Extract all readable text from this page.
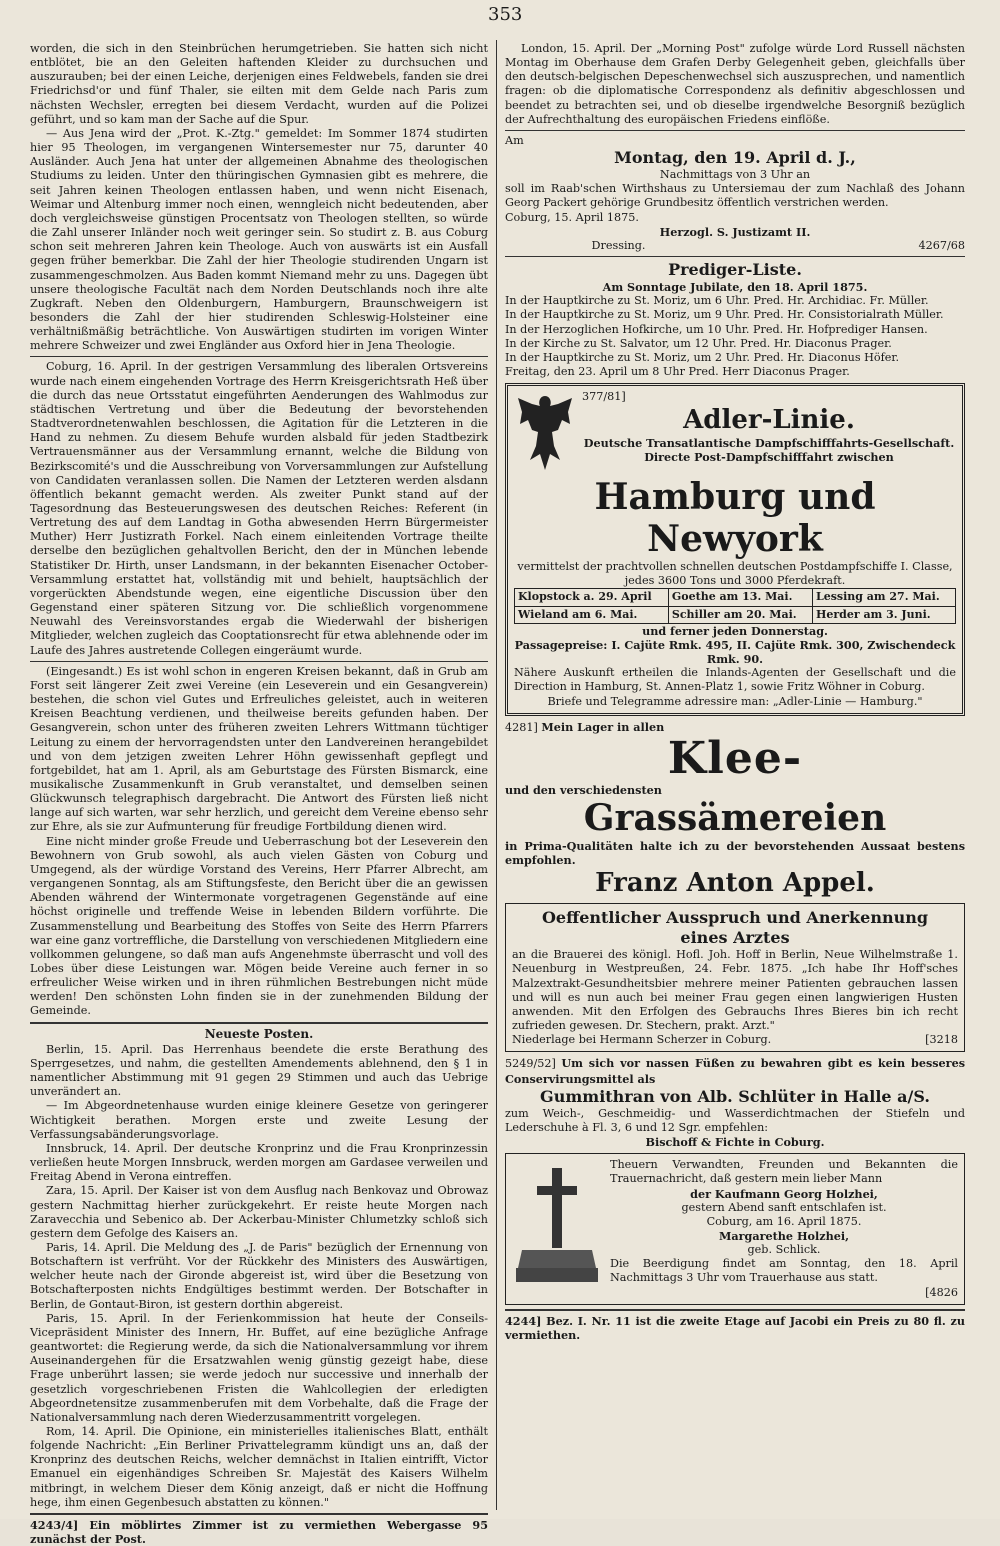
353

worden, die sich in den Steinbrüchen herumgetrieben. Sie hatten sich nicht entblötet, bie an den Geleiten haftenden Kleider zu durchsuchen und auszurauben; bei der einen Leiche, derjenigen eines Feldwebels, fanden sie drei Friedrichsd'or und fünf Thaler, sie eilten mit dem Gelde nach Paris zum nächsten Wechsler, erregten bei diesem Verdacht, wurden auf die Polizei geführt, und so kam man der Sache auf die Spur.

— Aus Jena wird der „Prot. K.-Ztg." gemeldet: Im Sommer 1874 studirten hier 95 Theologen, im vergangenen Wintersemester nur 75, darunter 40 Ausländer. Auch Jena hat unter der allgemeinen Abnahme des theologischen Studiums zu leiden. Unter den thüringischen Gymnasien gibt es mehrere, die seit Jahren keinen Theologen entlassen haben, und wenn nicht Eisenach, Weimar und Altenburg immer noch einen, wenngleich nicht bedeutenden, aber doch vergleichsweise günstigen Procentsatz von Theologen stellten, so würde die Zahl unserer Inländer noch weit geringer sein. So studirt z. B. aus Coburg schon seit mehreren Jahren kein Theologe. Auch von auswärts ist ein Ausfall gegen früher bemerkbar. Die Zahl der hier Theologie studirenden Ungarn ist zusammengeschmolzen. Aus Baden kommt Niemand mehr zu uns. Dagegen übt unsere theologische Facultät nach dem Norden Deutschlands noch ihre alte Zugkraft. Neben den Oldenburgern, Hamburgern, Braunschweigern ist besonders die Zahl der hier studirenden Schleswig-Holsteiner eine verhältnißmäßig beträchtliche. Von Auswärtigen studirten im vorigen Winter mehrere Schweizer und zwei Engländer aus Oxford hier in Jena Theologie.

Coburg, 16. April. In der gestrigen Versammlung des liberalen Ortsvereins wurde nach einem eingehenden Vortrage des Herrn Kreisgerichtsrath Heß über die durch das neue Ortsstatut eingeführten Aenderungen des Wahlmodus zur städtischen Vertretung und über die Bedeutung der bevorstehenden Stadtverordnetenwahlen beschlossen, die Agitation für die Letzteren in die Hand zu nehmen. Zu diesem Behufe wurden alsbald für jeden Stadtbezirk Vertrauensmänner aus der Versammlung ernannt, welche die Bildung von Bezirkscomité's und die Ausschreibung von Vorversammlungen zur Aufstellung von Candidaten veranlassen sollen. Die Namen der Letzteren werden alsdann öffentlich bekannt gemacht werden. Als zweiter Punkt stand auf der Tagesordnung das Besteuerungswesen des deutschen Reiches: Referent (in Vertretung des auf dem Landtag in Gotha abwesenden Herrn Bürgermeister Muther) Herr Justizrath Forkel. Nach einem einleitenden Vortrage theilte derselbe den bezüglichen gehaltvollen Bericht, den der in München lebende Statistiker Dr. Hirth, unser Landsmann, in der bekannten Eisenacher October-Versammlung erstattet hat, vollständig mit und behielt, hauptsächlich der vorgerückten Abendstunde wegen, eine eigentliche Discussion über den Gegenstand einer späteren Sitzung vor. Die schließlich vorgenommene Neuwahl des Vereinsvorstandes ergab die Wiederwahl der bisherigen Mitglieder, welchen zugleich das Cooptationsrecht für etwa ablehnende oder im Laufe des Jahres austretende Collegen eingeräumt wurde.

(Eingesandt.) Es ist wohl schon in engeren Kreisen bekannt, daß in Grub am Forst seit längerer Zeit zwei Vereine (ein Leseverein und ein Gesangverein) bestehen, die schon viel Gutes und Erfreuliches geleistet, auch in weiteren Kreisen Beachtung verdienen, und theilweise bereits gefunden haben. Der Gesangverein, schon unter des früheren zweiten Lehrers Wittmann tüchtiger Leitung zu einem der hervorragendsten unter den Landvereinen herangebildet und von dem jetzigen zweiten Lehrer Höhn gewissenhaft gepflegt und fortgebildet, hat am 1. April, als am Geburtstage des Fürsten Bismarck, eine musikalische Zusammenkunft in Grub veranstaltet, und demselben seinen Glückwunsch telegraphisch dargebracht. Die Antwort des Fürsten ließ nicht lange auf sich warten, war sehr herzlich, und gereicht dem Vereine ebenso sehr zur Ehre, als sie zur Aufmunterung für freudige Fortbildung dienen wird.

Eine nicht minder große Freude und Ueberraschung bot der Leseverein den Bewohnern von Grub sowohl, als auch vielen Gästen von Coburg und Umgegend, als der würdige Vorstand des Vereins, Herr Pfarrer Albrecht, am vergangenen Sonntag, als am Stiftungsfeste, den Bericht über die an gewissen Abenden während der Wintermonate vorgetragenen Gegenstände auf eine höchst originelle und treffende Weise in lebenden Bildern vorführte. Die Zusammenstellung und Bearbeitung des Stoffes von Seite des Herrn Pfarrers war eine ganz vortreffliche, die Darstellung von verschiedenen Mitgliedern eine vollkommen gelungene, so daß man aufs Angenehmste überrascht und voll des Lobes über diese Leistungen war. Mögen beide Vereine auch ferner in so erfreulicher Weise wirken und in ihren rühmlichen Bestrebungen nicht müde werden! Den schönsten Lohn finden sie in der zunehmenden Bildung der Gemeinde.

Neueste Posten.

Berlin, 15. April. Das Herrenhaus beendete die erste Berathung des Sperrgesetzes, und nahm, die gestellten Amendements ablehnend, den § 1 in namentlicher Abstimmung mit 91 gegen 29 Stimmen und auch das Uebrige unverändert an.

— Im Abgeordnetenhause wurden einige kleinere Gesetze von geringerer Wichtigkeit berathen. Morgen erste und zweite Lesung der Verfassungsabänderungsvorlage.

Innsbruck, 14. April. Der deutsche Kronprinz und die Frau Kronprinzessin verließen heute Morgen Innsbruck, werden morgen am Gardasee verweilen und Freitag Abend in Verona eintreffen.

Zara, 15. April. Der Kaiser ist von dem Ausflug nach Benkovaz und Obrowaz gestern Nachmittag hierher zurückgekehrt. Er reiste heute Morgen nach Zaravecchia und Sebenico ab. Der Ackerbau-Minister Chlumetzky schloß sich gestern dem Gefolge des Kaisers an.

Paris, 14. April. Die Meldung des „J. de Paris" bezüglich der Ernennung von Botschaftern ist verfrüht. Vor der Rückkehr des Ministers des Auswärtigen, welcher heute nach der Gironde abgereist ist, wird über die Besetzung von Botschafterposten nichts Endgültiges bestimmt werden. Der Botschafter in Berlin, de Gontaut-Biron, ist gestern dorthin abgereist.

Paris, 15. April. In der Ferienkommission hat heute der Conseils-Vicepräsident Minister des Innern, Hr. Buffet, auf eine bezügliche Anfrage geantwortet: die Regierung werde, da sich die Nationalversammlung vor ihrem Auseinandergehen für die Ersatzwahlen wenig günstig gezeigt habe, diese Frage unberührt lassen; sie werde jedoch nur successive und innerhalb der gesetzlich vorgeschriebenen Fristen die Wahlcollegien der erledigten Abgeordnetensitze zusammenberufen mit dem Vorbehalte, daß die Frage der Nationalversammlung nach deren Wiederzusammentritt vorgelegen.

Rom, 14. April. Die Opinione, ein ministerielles italienisches Blatt, enthält folgende Nachricht: „Ein Berliner Privattelegramm kündigt uns an, daß der Kronprinz des deutschen Reichs, welcher demnächst in Italien eintrifft, Victor Emanuel ein eigenhändiges Schreiben Sr. Majestät des Kaisers Wilhelm mitbringt, in welchem Dieser dem König anzeigt, daß er nicht die Hoffnung hege, ihm einen Gegenbesuch abstatten zu können."

4243/4] Ein möblirtes Zimmer ist zu vermiethen Webergasse 95 zunächst der Post.

London, 15. April. Der „Morning Post" zufolge würde Lord Russell nächsten Montag im Oberhause dem Grafen Derby Gelegenheit geben, gleichfalls über den deutsch-belgischen Depeschenwechsel sich auszusprechen, und namentlich fragen: ob die diplomatische Correspondenz als definitiv abgeschlossen und beendet zu betrachten sei, und ob dieselbe irgendwelche Besorgniß bezüglich der Aufrechthaltung des europäischen Friedens einflöße.

Am

Montag, den 19. April d. J.,

Nachmittags von 3 Uhr an

soll im Raab'schen Wirthshaus zu Untersiemau der zum Nachlaß des Johann Georg Packert gehörige Grundbesitz öffentlich verstrichen werden.

Coburg, 15. April 1875.

Herzogl. S. Justizamt II.

Dressing.	4267/68

Prediger-Liste.

Am Sonntage Jubilate, den 18. April 1875.

In der Hauptkirche zu St. Moriz, um 6 Uhr. Pred. Hr. Archidiac. Fr. Müller.

In der Hauptkirche zu St. Moriz, um 9 Uhr. Pred. Hr. Consistorialrath Müller.

In der Herzoglichen Hofkirche, um 10 Uhr. Pred. Hr. Hofprediger Hansen.

In der Kirche zu St. Salvator, um 12 Uhr. Pred. Hr. Diaconus Prager.

In der Hauptkirche zu St. Moriz, um 2 Uhr. Pred. Hr. Diaconus Höfer.

Freitag, den 23. April um 8 Uhr Pred. Herr Diaconus Prager.

377/81]

Adler-Linie.

Deutsche Transatlantische Dampfschifffahrts-Gesellschaft.

Directe Post-Dampfschifffahrt zwischen

Hamburg und Newyork

vermittelst der prachtvollen schnellen deutschen Postdampfschiffe I. Classe, jedes 3600 Tons und 3000 Pferdekraft.

Klopstock a. 29. April	Goethe am 13. Mai.	Lessing am 27. Mai.
Wieland am 6. Mai.	Schiller am 20. Mai.	Herder am 3. Juni.

und ferner jeden Donnerstag.

Passagepreise: I. Cajüte Rmk. 495, II. Cajüte Rmk. 300, Zwischendeck Rmk. 90.

Nähere Auskunft ertheilen die Inlands-Agenten der Gesellschaft und die Direction in Hamburg, St. Annen-Platz 1, sowie Fritz Wöhner in Coburg.

Briefe und Telegramme adressire man: „Adler-Linie — Hamburg."

4281] Mein Lager in allen

Klee-

und den verschiedensten

Grassämereien

in Prima-Qualitäten halte ich zu der bevorstehenden Aussaat bestens empfohlen.

Franz Anton Appel.

Oeffentlicher Ausspruch und Anerkennung

eines Arztes

an die Brauerei des königl. Hofl. Joh. Hoff in Berlin, Neue Wilhelmstraße 1. Neuenburg in Westpreußen, 24. Febr. 1875. „Ich habe Ihr Hoff'sches Malzextrakt-Gesundheitsbier mehrere meiner Patienten gebrauchen lassen und will es nun auch bei meiner Frau gegen einen langwierigen Husten anwenden. Mit den Erfolgen des Gebrauchs Ihres Bieres bin ich recht zufrieden gewesen. Dr. Stechern, prakt. Arzt."

Niederlage bei Hermann Scherzer in Coburg.	[3218

5249/52] Um sich vor nassen Füßen zu bewahren gibt es kein besseres Conservirungsmittel als

Gummithran von Alb. Schlüter in Halle a/S.

zum Weich-, Geschmeidig- und Wasserdichtmachen der Stiefeln und Lederschuhe à Fl. 3, 6 und 12 Sgr. empfehlen:

Bischoff & Fichte in Coburg.

Theuern Verwandten, Freunden und Bekannten die Trauernachricht, daß gestern mein lieber Mann

der Kaufmann Georg Holzhei,

gestern Abend sanft entschlafen ist.

Coburg, am 16. April 1875.

Margarethe Holzhei,

geb. Schlick.

Die Beerdigung findet am Sonntag, den 18. April Nachmittags 3 Uhr vom Trauerhause aus statt.

[4826

4244] Bez. I. Nr. 11 ist die zweite Etage auf Jacobi ein Preis zu 80 fl. zu vermiethen.
